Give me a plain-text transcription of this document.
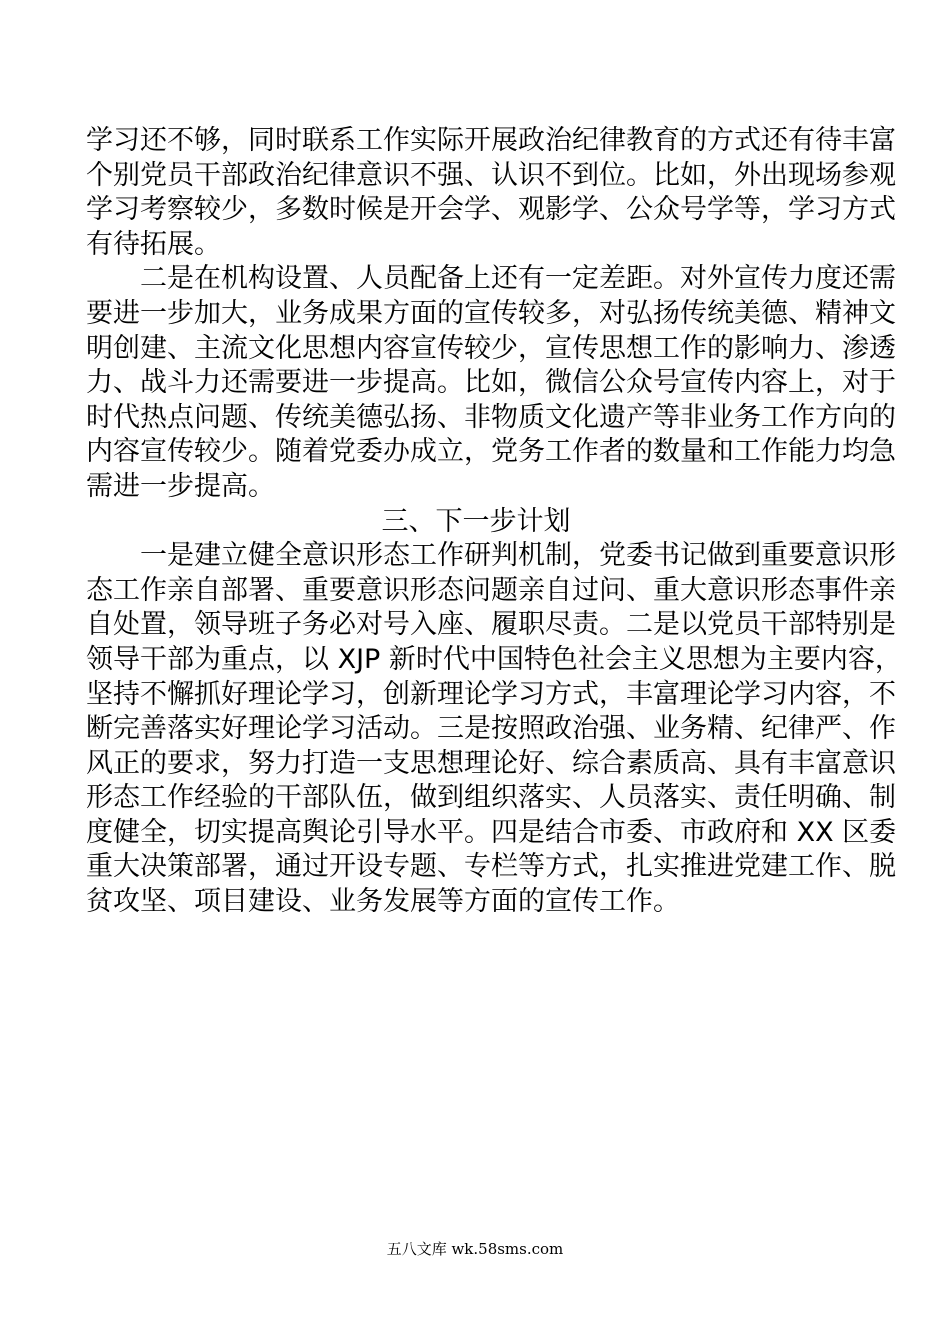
学习还不够，同时联系工作实际开展政治纪律教育的方式还有待丰富
个别党员干部政治纪律意识不强、认识不到位。比如，外出现场参观
学习考察较少，多数时候是开会学、观影学、公众号学等，学习方式
有待拓展。
二是在机构设置、人员配备上还有一定差距。对外宣传力度还需
要进一步加大，业务成果方面的宣传较多，对弘扬传统美德、精神文
明创建、主流文化思想内容宣传较少，宣传思想工作的影响力、渗透
力、战斗力还需要进一步提高。比如，微信公众号宣传内容上，对于
时代热点问题、传统美德弘扬、非物质文化遗产等非业务工作方向的
内容宣传较少。随着党委办成立，党务工作者的数量和工作能力均急
需进一步提高。
三、下一步计划
一是建立健全意识形态工作研判机制，党委书记做到重要意识形
态工作亲自部署、重要意识形态问题亲自过问、重大意识形态事件亲
自处置，领导班子务必对号入座、履职尽责。二是以党员干部特别是
领导干部为重点，以 XJP 新时代中国特色社会主义思想为主要内容，
坚持不懈抓好理论学习，创新理论学习方式，丰富理论学习内容，不
断完善落实好理论学习活动。三是按照政治强、业务精、纪律严、作
风正的要求，努力打造一支思想理论好、综合素质高、具有丰富意识
形态工作经验的干部队伍，做到组织落实、人员落实、责任明确、制
度健全，切实提高舆论引导水平。四是结合市委、市政府和 XX 区委
重大决策部署，通过开设专题、专栏等方式，扎实推进党建工作、脱
贫攻坚、项目建设、业务发展等方面的宣传工作。
五八文库 wk.58sms.com
